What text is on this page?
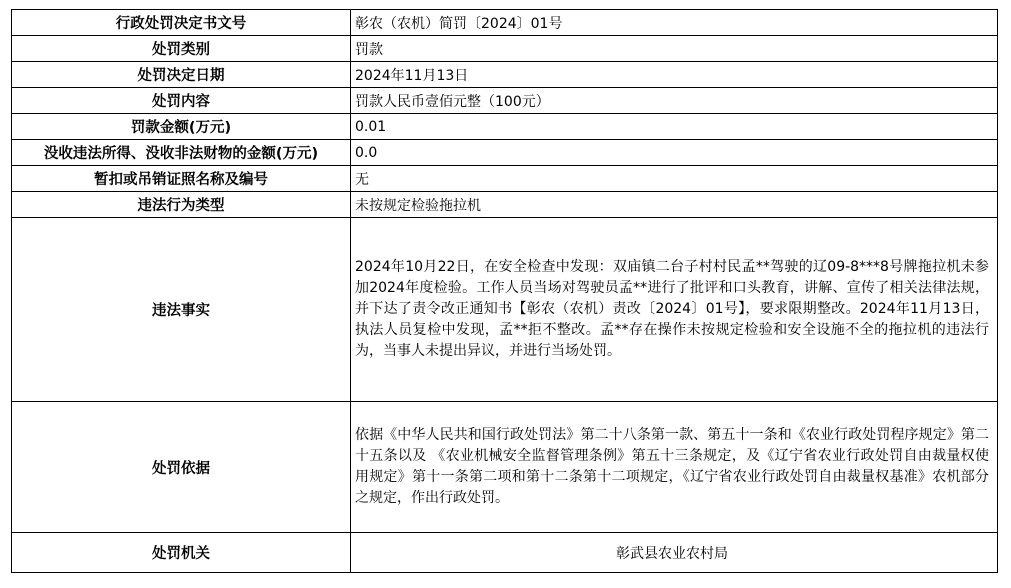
行政处罚决定书文号	彰农（农机）简罚〔2024〕01号
处罚类别	罚款
处罚决定日期	2024年11月13日
处罚内容	罚款人民币壹佰元整（100元）
罚款金额(万元)	0.01
没收违法所得、没收非法财物的金额(万元)	0.0
暂扣或吊销证照名称及编号	无
违法行为类型	未按规定检验拖拉机
违法事实	2024年10月22日，在安全检查中发现：双庙镇二台子村村民孟**驾驶的辽09-8***8号牌拖拉机未参加2024年度检验。工作人员当场对驾驶员孟**进行了批评和口头教育，讲解、宣传了相关法律法规，并下达了责令改正通知书【彰农（农机）责改〔2024〕01号】，要求限期整改。2024年11月13日，执法人员复检中发现，孟**拒不整改。孟**存在操作未按规定检验和安全设施不全的拖拉机的违法行为，当事人未提出异议，并进行当场处罚。
处罚依据	依据《中华人民共和国行政处罚法》第二十八条第一款、第五十一条和《农业行政处罚程序规定》第二十五条以及 《农业机械安全监督管理条例》第五十三条规定，及《辽宁省农业行政处罚自由裁量权使用规定》第十一条第二项和第十二条第十二项规定，《辽宁省农业行政处罚自由裁量权基准》农机部分之规定，作出行政处罚。
处罚机关	彰武县农业农村局
